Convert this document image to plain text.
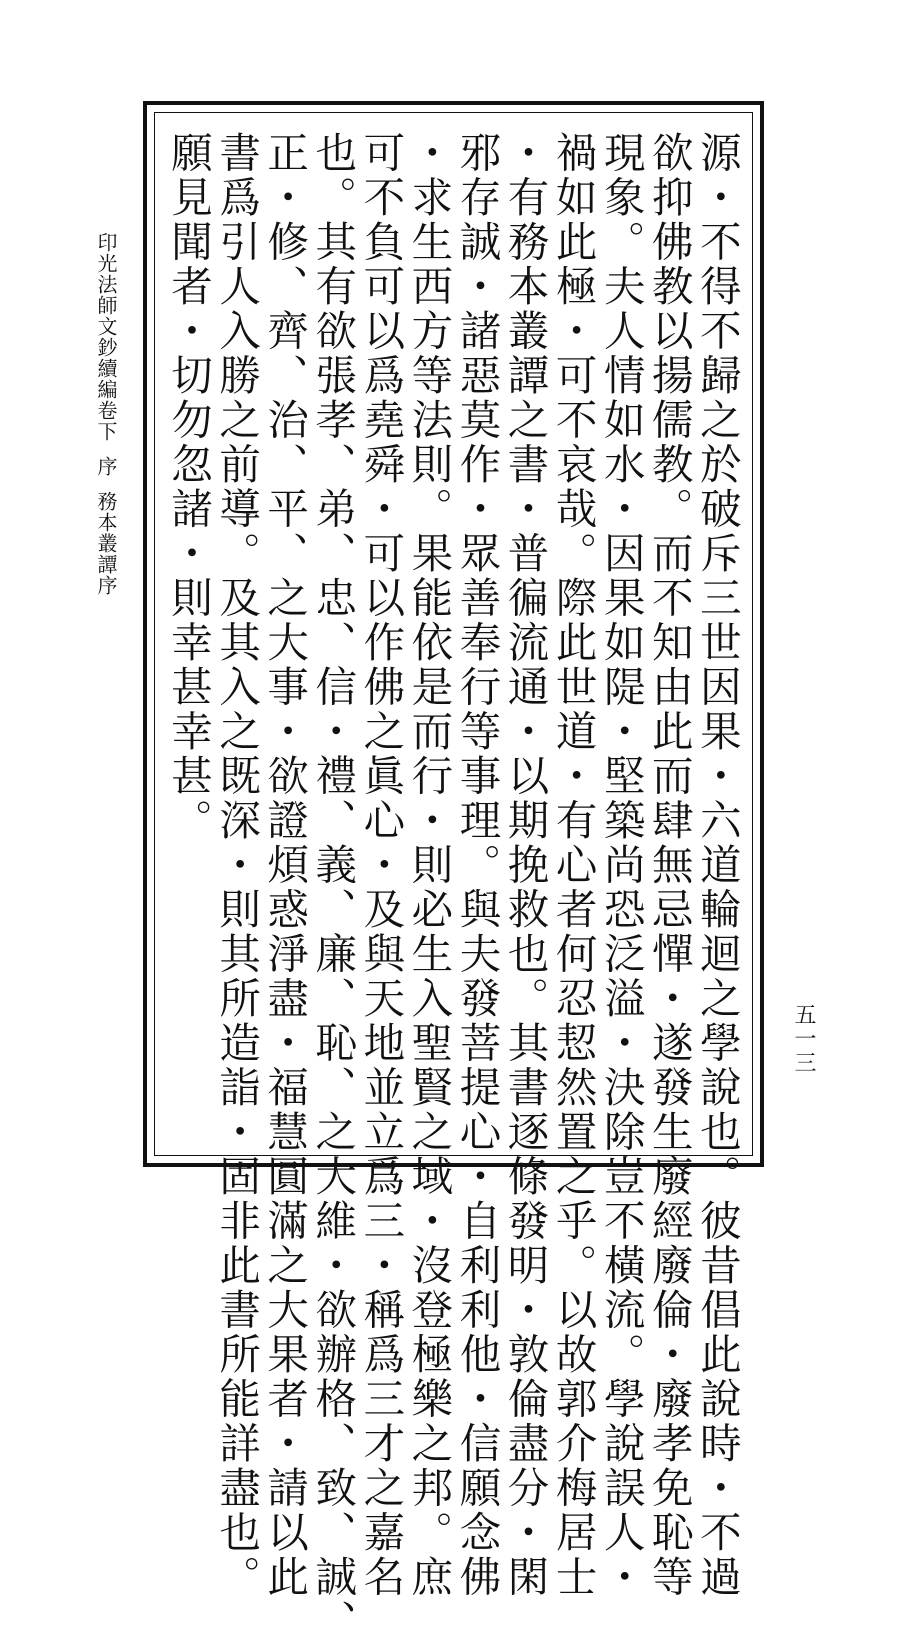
印光法師文鈔續編卷下序務本叢譚序	源・不得不歸之於破斥三世因果・六道輪迴之學說也。彼昔倡此說時・不過
欲抑佛教以揚儒教。而不知由此而肆無忌憚・遂發生廢經廢倫・廢孝免恥等
現象。夫人情如水・因果如隄・堅築尚恐泛溢・決除豈不橫流。學說誤人・
禍如此極・可不哀哉。際此世道・有心者何忍恝然置之乎。以故郭介梅居士
・有務本叢譚之書・普徧流通・以期挽救也。其書逐條發明・敦倫盡分・閑
邪存誠・諸惡莫作・眾善奉行等事理。與夫發菩提心・自利利他・信願念佛
・求生西方等法則。果能依是而行・則必生入聖賢之域・沒登極樂之邦。庶
可不負可以爲堯舜・可以作佛之眞心・及與天地並立爲三・稱爲三才之嘉名
也。其有欲張孝、弟、忠、信・禮、義、廉、恥、之大維・欲辦格、致、誠、
正・修、齊、治、平、之大事・欲證煩惑淨盡・福慧圓滿之大果者・請以此
書爲引人入勝之前導。及其入之既深・則其所造詣・固非此書所能詳盡也。
願見聞者・切勿忽諸・則幸甚幸甚。
五一三
